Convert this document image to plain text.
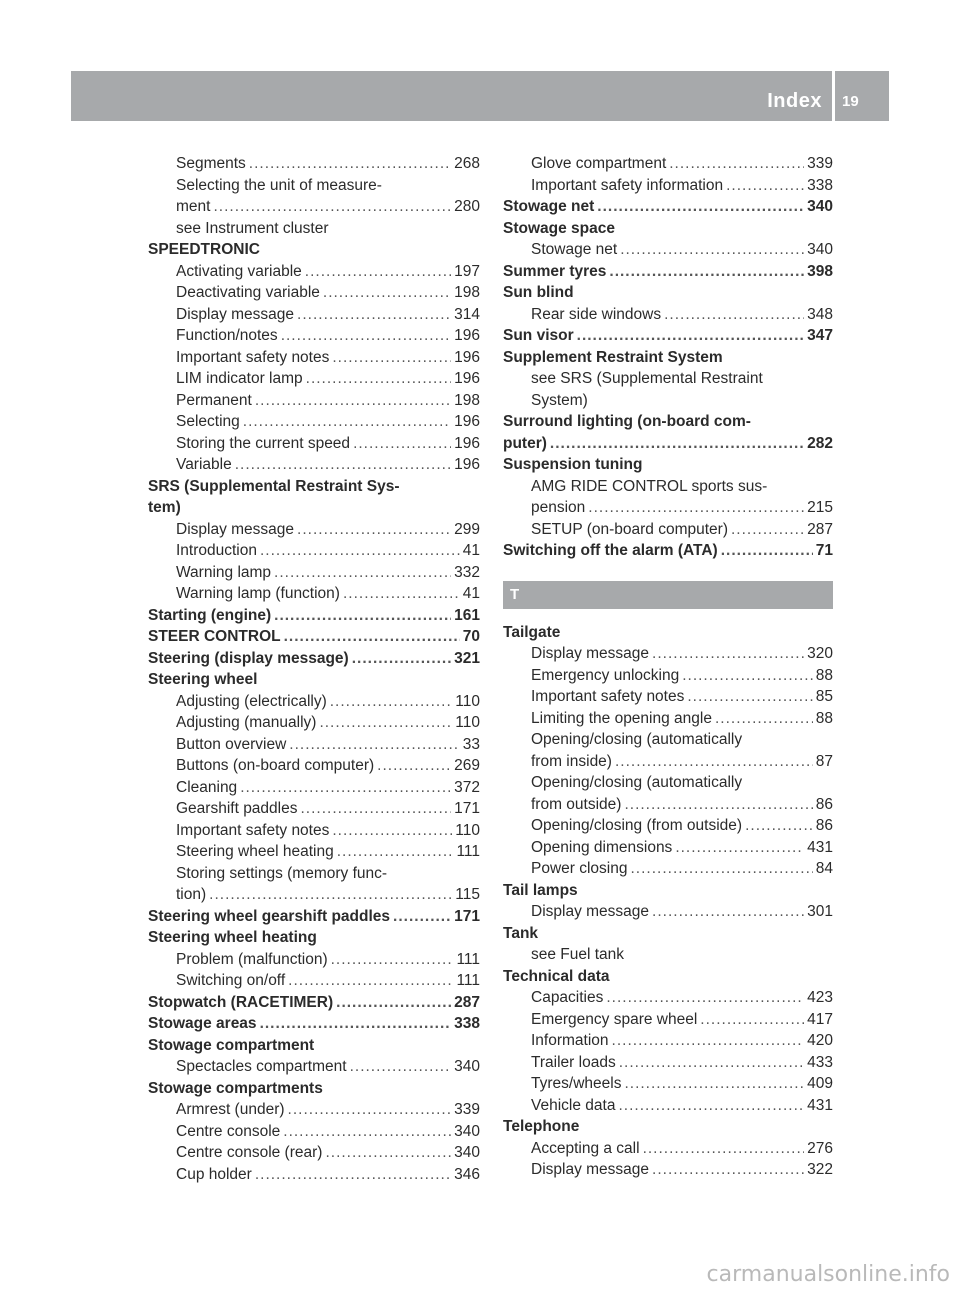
Index 19
Segments .....	268
Selecting the unit of measure-
ment .....	280
see Instrument cluster
SPEEDTRONIC
Activating variable .....	197
Deactivating variable .....	198
Display message .....	314
Function/notes .....	196
Important safety notes .....	196
LIM indicator lamp .....	196
Permanent .....	198
Selecting .....	196
Storing the current speed .....	196
Variable .....	196
SRS (Supplemental Restraint Sys-
tem)
Display message .....	299
Introduction .....	41
Warning lamp .....	332
Warning lamp (function) .....	41
Starting (engine) .....	161
STEER CONTROL .....	70
Steering (display message) .....	321
Steering wheel
Adjusting (electrically) .....	110
Adjusting (manually) .....	110
Button overview .....	33
Buttons (on-board computer) .....	269
Cleaning .....	372
Gearshift paddles .....	171
Important safety notes .....	110
Steering wheel heating .....	111
Storing settings (memory func-
tion) .....	115
Steering wheel gearshift paddles .....	171
Steering wheel heating
Problem (malfunction) .....	111
Switching on/off .....	111
Stopwatch (RACETIMER) .....	287
Stowage areas .....	338
Stowage compartment
Spectacles compartment .....	340
Stowage compartments
Armrest (under) .....	339
Centre console .....	340
Centre console (rear) .....	340
Cup holder .....	346
Glove compartment .....	339
Important safety information .....	338
Stowage net .....	340
Stowage space
Stowage net .....	340
Summer tyres .....	398
Sun blind
Rear side windows .....	348
Sun visor .....	347
Supplement Restraint System
see SRS (Supplemental Restraint
System)
Surround lighting (on-board com-
puter) .....	282
Suspension tuning
AMG RIDE CONTROL sports sus-
pension .....	215
SETUP (on-board computer) .....	287
Switching off the alarm (ATA) .....	71
T
Tailgate
Display message .....	320
Emergency unlocking .....	88
Important safety notes .....	85
Limiting the opening angle .....	88
Opening/closing (automatically
from inside) .....	87
Opening/closing (automatically
from outside) .....	86
Opening/closing (from outside) .....	86
Opening dimensions .....	431
Power closing .....	84
Tail lamps
Display message .....	301
Tank
see Fuel tank
Technical data
Capacities .....	423
Emergency spare wheel .....	417
Information .....	420
Trailer loads .....	433
Tyres/wheels .....	409
Vehicle data .....	431
Telephone
Accepting a call .....	276
Display message .....	322
carmanualsonline.info
